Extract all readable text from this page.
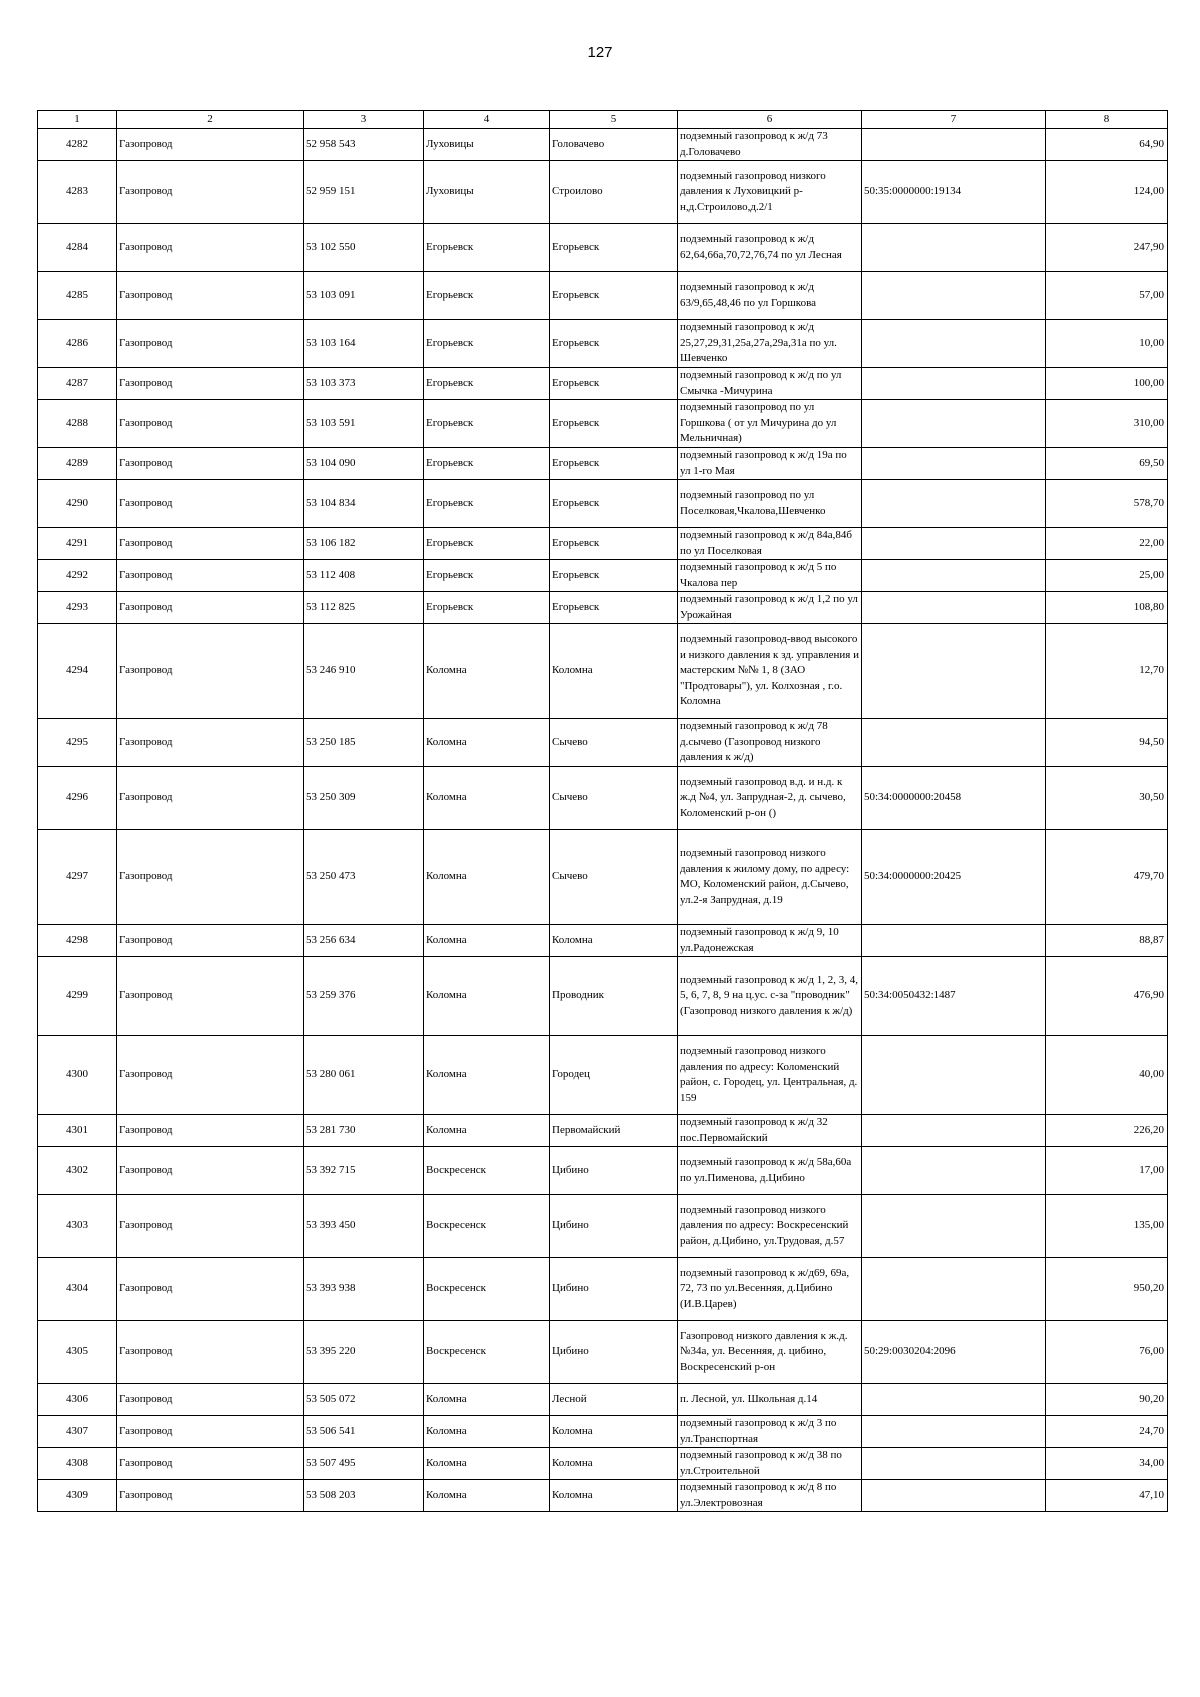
127
1	2	3	4	5	6	7	8
4282	Газопровод	52 958 543	Луховицы	Головачево	подземный газопровод к ж/д 73 д.Головачево		64,90
4283	Газопровод	52 959 151	Луховицы	Строилово	подземный газопровод низкого давления к Луховицкий р-н,д.Строилово,д.2/1	50:35:0000000:19134	124,00
4284	Газопровод	53 102 550	Егорьевск	Егорьевск	подземный газопровод к ж/д 62,64,66а,70,72,76,74 по ул Лесная		247,90
4285	Газопровод	53 103 091	Егорьевск	Егорьевск	подземный газопровод к ж/д 63/9,65,48,46 по ул Горшкова		57,00
4286	Газопровод	53 103 164	Егорьевск	Егорьевск	подземный газопровод к ж/д 25,27,29,31,25а,27а,29а,31а по ул. Шевченко		10,00
4287	Газопровод	53 103 373	Егорьевск	Егорьевск	подземный газопровод к ж/д по ул Смычка -Мичурина		100,00
4288	Газопровод	53 103 591	Егорьевск	Егорьевск	подземный газопровод по ул Горшкова ( от ул Мичурина до ул Мельничная)		310,00
4289	Газопровод	53 104 090	Егорьевск	Егорьевск	подземный газопровод к ж/д 19а по ул 1-го Мая		69,50
4290	Газопровод	53 104 834	Егорьевск	Егорьевск	подземный газопровод по ул Поселковая,Чкалова,Шевченко		578,70
4291	Газопровод	53 106 182	Егорьевск	Егорьевск	подземный газопровод к ж/д 84а,84б по ул Поселковая		22,00
4292	Газопровод	53 112 408	Егорьевск	Егорьевск	подземный газопровод к ж/д 5 по Чкалова пер		25,00
4293	Газопровод	53 112 825	Егорьевск	Егорьевск	подземный газопровод к ж/д 1,2 по ул Урожайная		108,80
4294	Газопровод	53 246 910	Коломна	Коломна	подземный газопровод-ввод высокого и низкого давления к зд. управления и мастерским №№ 1, 8 (ЗАО "Продтовары"), ул. Колхозная , г.о. Коломна		12,70
4295	Газопровод	53 250 185	Коломна	Сычево	подземный газопровод к ж/д 78 д.сычево (Газопровод низкого давления к ж/д)		94,50
4296	Газопровод	53 250 309	Коломна	Сычево	подземный газопровод в.д. и н.д. к ж.д №4, ул. Запрудная-2, д. сычево, Коломенский р-он ()	50:34:0000000:20458	30,50
4297	Газопровод	53 250 473	Коломна	Сычево	подземный газопровод низкого давления к жилому дому, по адресу: МО, Коломенский район, д.Сычево, ул.2-я Запрудная, д.19	50:34:0000000:20425	479,70
4298	Газопровод	53 256 634	Коломна	Коломна	подземный газопровод к ж/д 9, 10 ул.Радонежская		88,87
4299	Газопровод	53 259 376	Коломна	Проводник	подземный газопровод к ж/д 1, 2, 3, 4, 5, 6, 7, 8, 9 на ц.ус. с-за "проводник" (Газопровод низкого давления к ж/д)	50:34:0050432:1487	476,90
4300	Газопровод	53 280 061	Коломна	Городец	подземный газопровод низкого давления по адресу: Коломенский район, с. Городец, ул. Центральная, д. 159		40,00
4301	Газопровод	53 281 730	Коломна	Первомайский	подземный газопровод к ж/д 32 пос.Первомайский		226,20
4302	Газопровод	53 392 715	Воскресенск	Цибино	подземный газопровод к ж/д 58а,60а по ул.Пименова, д.Цибино		17,00
4303	Газопровод	53 393 450	Воскресенск	Цибино	подземный газопровод низкого давления по адресу: Воскресенский район, д.Цибино, ул.Трудовая, д.57		135,00
4304	Газопровод	53 393 938	Воскресенск	Цибино	подземный газопровод к ж/д69, 69а, 72, 73 по ул.Весенняя, д.Цибино (И.В.Царев)		950,20
4305	Газопровод	53 395 220	Воскресенск	Цибино	Газопровод низкого давления к ж.д. №34а, ул. Весенняя, д. цибино, Воскресенский р-он	50:29:0030204:2096	76,00
4306	Газопровод	53 505 072	Коломна	Лесной	п. Лесной, ул. Школьная д.14		90,20
4307	Газопровод	53 506 541	Коломна	Коломна	подземный газопровод к ж/д 3 по ул.Транспортная		24,70
4308	Газопровод	53 507 495	Коломна	Коломна	подземный газопровод к ж/д 38 по ул.Строительной		34,00
4309	Газопровод	53 508 203	Коломна	Коломна	подземный газопровод к ж/д 8 по ул.Электровозная		47,10
